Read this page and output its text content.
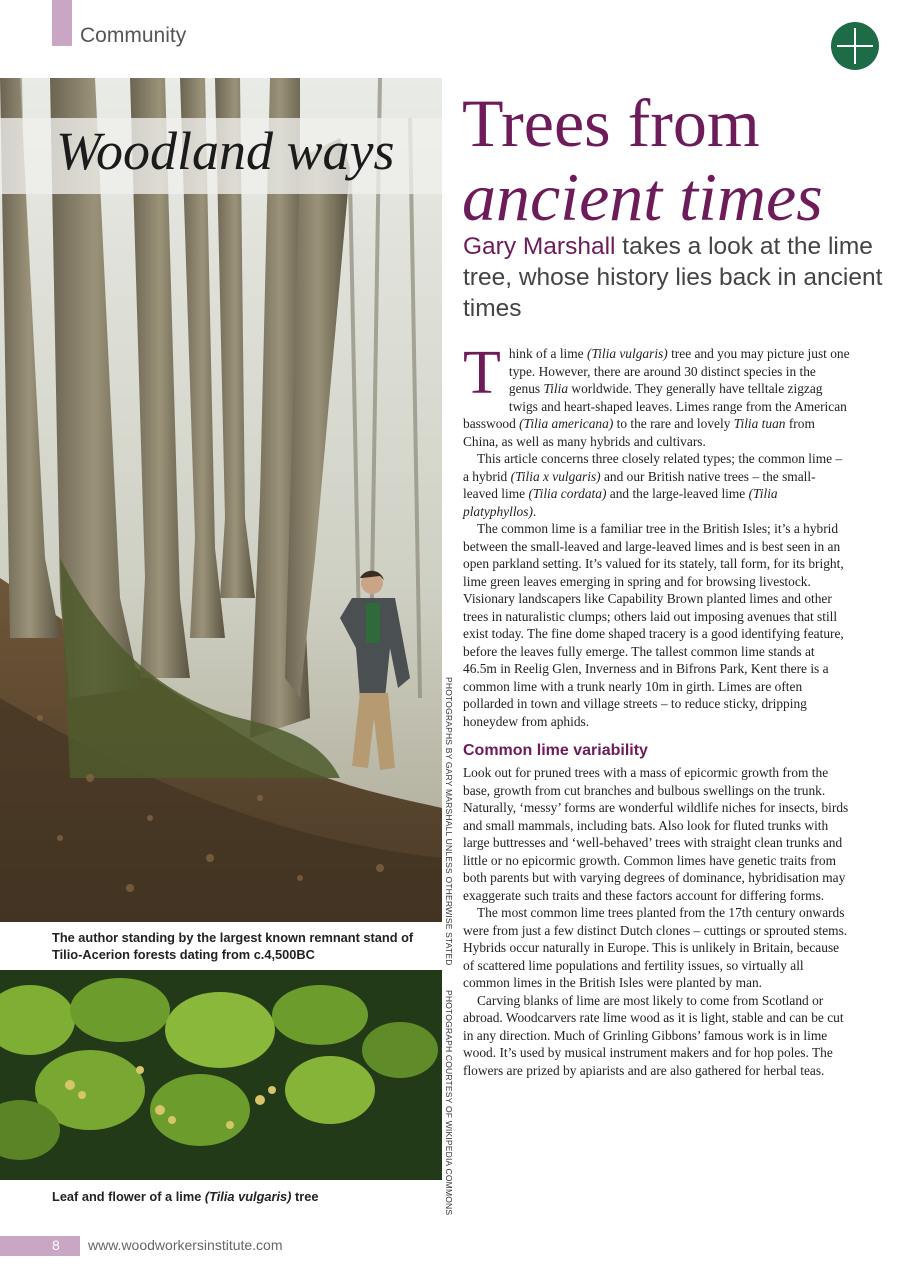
Community
Woodland ways
PHOTOGRAPHS BY GARY MARSHALL UNLESS OTHERWISE STATED
The author standing by the largest known remnant stand of Tilio-Acerion forests dating from c.4,500BC
PHOTOGRAPH COURTESY OF WIKIPEDIA COMMONS
Leaf and flower of a lime (Tilia vulgaris) tree
Trees from
ancient times
Gary Marshall takes a look at the lime tree, whose history lies back in ancient times

Think of a lime (Tilia vulgaris) tree and you may picture just one type. However, there are around 30 distinct species in the genus Tilia worldwide. They generally have telltale zigzag twigs and heart-shaped leaves. Limes range from the American basswood (Tilia americana) to the rare and lovely Tilia tuan from China, as well as many hybrids and cultivars.

This article concerns three closely related types; the common lime – a hybrid (Tilia x vulgaris) and our British native trees – the small-leaved lime (Tilia cordata) and the large-leaved lime (Tilia platyphyllos).

The common lime is a familiar tree in the British Isles; it’s a hybrid between the small-leaved and large-leaved limes and is best seen in an open parkland setting. It’s valued for its stately, tall form, for its bright, lime green leaves emerging in spring and for browsing livestock. Visionary landscapers like Capability Brown planted limes and other trees in naturalistic clumps; others laid out imposing avenues that still exist today. The fine dome shaped tracery is a good identifying feature, before the leaves fully emerge. The tallest common lime stands at 46.5m in Reelig Glen, Inverness and in Bifrons Park, Kent there is a common lime with a trunk nearly 10m in girth. Limes are often pollarded in town and village streets – to reduce sticky, dripping honeydew from aphids.

Common lime variability

Look out for pruned trees with a mass of epicormic growth from the base, growth from cut branches and bulbous swellings on the trunk. Naturally, ‘messy’ forms are wonderful wildlife niches for insects, birds and small mammals, including bats. Also look for fluted trunks with large buttresses and ‘well-behaved’ trees with straight clean trunks and little or no epicormic growth. Common limes have genetic traits from both parents but with varying degrees of dominance, hybridisation may exaggerate such traits and these factors account for differing forms.

The most common lime trees planted from the 17th century onwards were from just a few distinct Dutch clones – cuttings or sprouted stems. Hybrids occur naturally in Europe. This is unlikely in Britain, because of scattered lime populations and fertility issues, so virtually all common limes in the British Isles were planted by man.

Carving blanks of lime are most likely to come from Scotland or abroad. Woodcarvers rate lime wood as it is light, stable and can be cut in any direction. Much of Grinling Gibbons’ famous work is in lime wood. It’s used by musical instrument makers and for hop poles. The flowers are prized by apiarists and are also gathered for herbal teas.

8 www.woodworkersinstitute.com
